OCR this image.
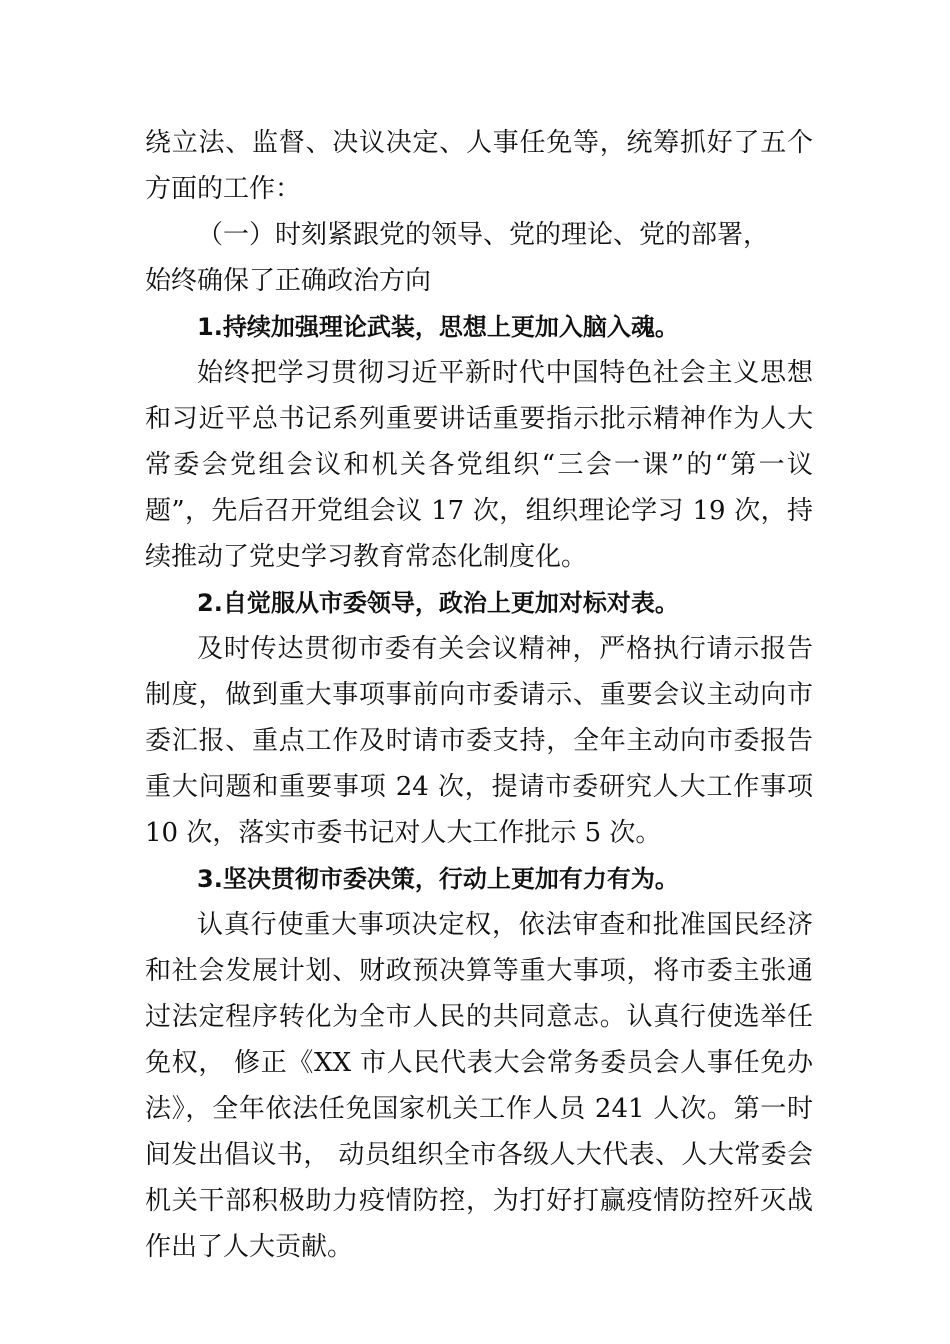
绕立法、监督、决议决定、人事任免等，统筹抓好了五个方面的工作：

（一）时刻紧跟党的领导、党的理论、党的部署，
始终确保了正确政治方向

1.持续加强理论武装，思想上更加入脑入魂。

始终把学习贯彻习近平新时代中国特色社会主义思想和习近平总书记系列重要讲话重要指示批示精神作为人大常委会党组会议和机关各党组织“三会一课”的“第一议题”，先后召开党组会议 17 次，组织理论学习 19 次，持续推动了党史学习教育常态化制度化。

2.自觉服从市委领导，政治上更加对标对表。

及时传达贯彻市委有关会议精神，严格执行请示报告制度，做到重大事项事前向市委请示、重要会议主动向市委汇报、重点工作及时请市委支持，全年主动向市委报告重大问题和重要事项 24 次，提请市委研究人大工作事项 10 次，落实市委书记对人大工作批示 5 次。

3.坚决贯彻市委决策，行动上更加有力有为。

认真行使重大事项决定权，依法审查和批准国民经济和社会发展计划、财政预决算等重大事项，将市委主张通过法定程序转化为全市人民的共同意志。认真行使选举任免权， 修正《XX 市人民代表大会常务委员会人事任免办法》，全年依法任免国家机关工作人员 241 人次。第一时间发出倡议书， 动员组织全市各级人大代表、人大常委会机关干部积极助力疫情防控，为打好打赢疫情防控歼灭战作出了人大贡献。
